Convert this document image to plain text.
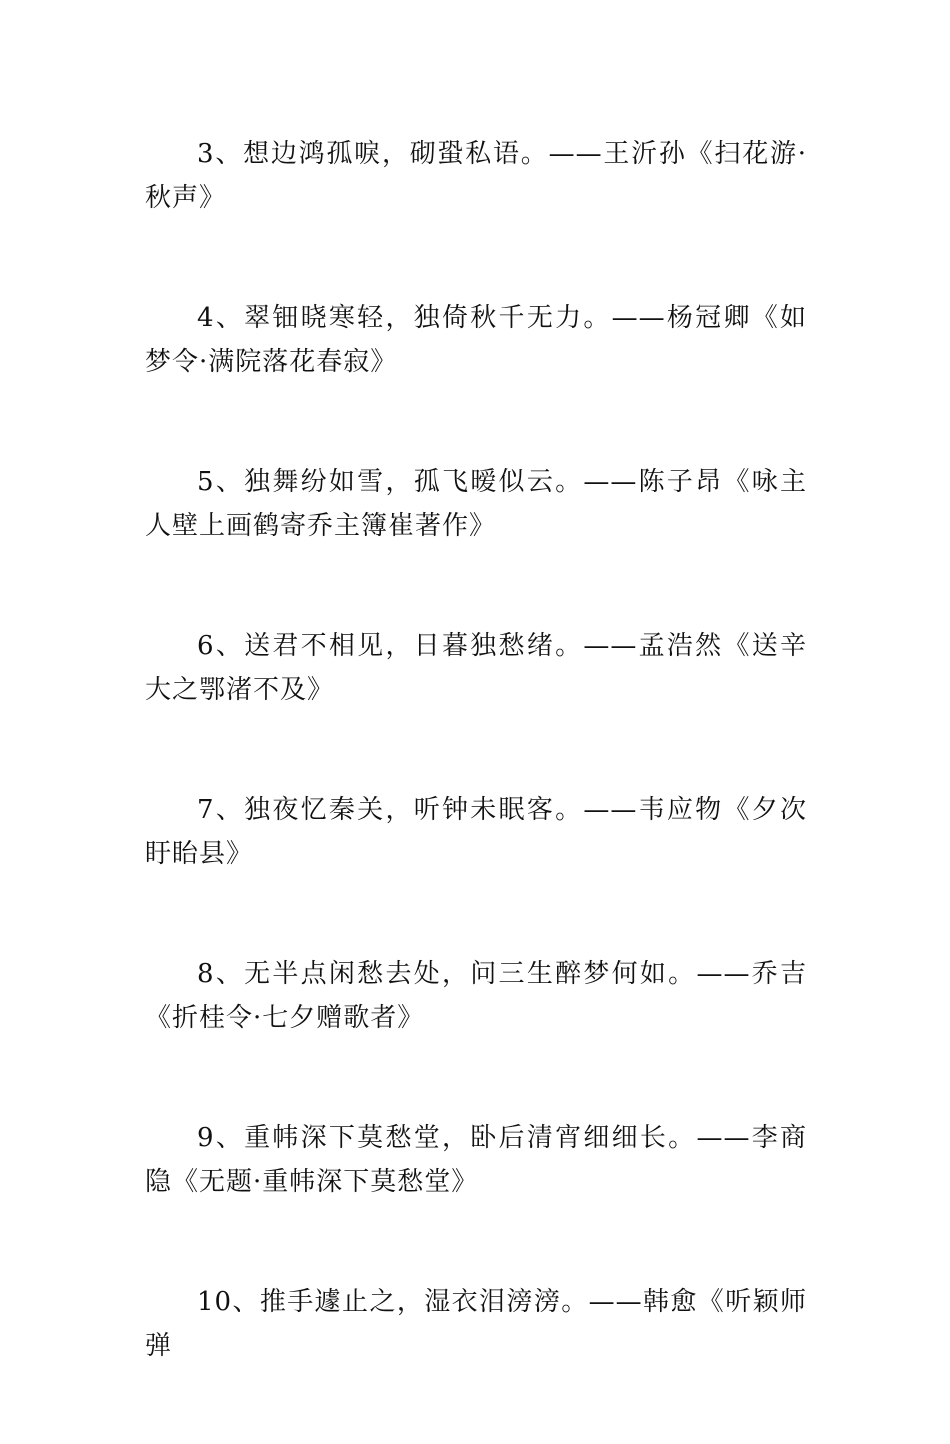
3、想边鸿孤唳，砌蛩私语。——王沂孙《扫花游·秋声》

4、翠钿晓寒轻，独倚秋千无力。——杨冠卿《如梦令·满院落花春寂》

5、独舞纷如雪，孤飞暧似云。——陈子昂《咏主人壁上画鹤寄乔主簿崔著作》

6、送君不相见，日暮独愁绪。——孟浩然《送辛大之鄂渚不及》

7、独夜忆秦关，听钟未眠客。——韦应物《夕次盱眙县》

8、无半点闲愁去处，问三生醉梦何如。——乔吉《折桂令·七夕赠歌者》

9、重帏深下莫愁堂，卧后清宵细细长。——李商隐《无题·重帏深下莫愁堂》

10、推手遽止之，湿衣泪滂滂。——韩愈《听颖师弹
